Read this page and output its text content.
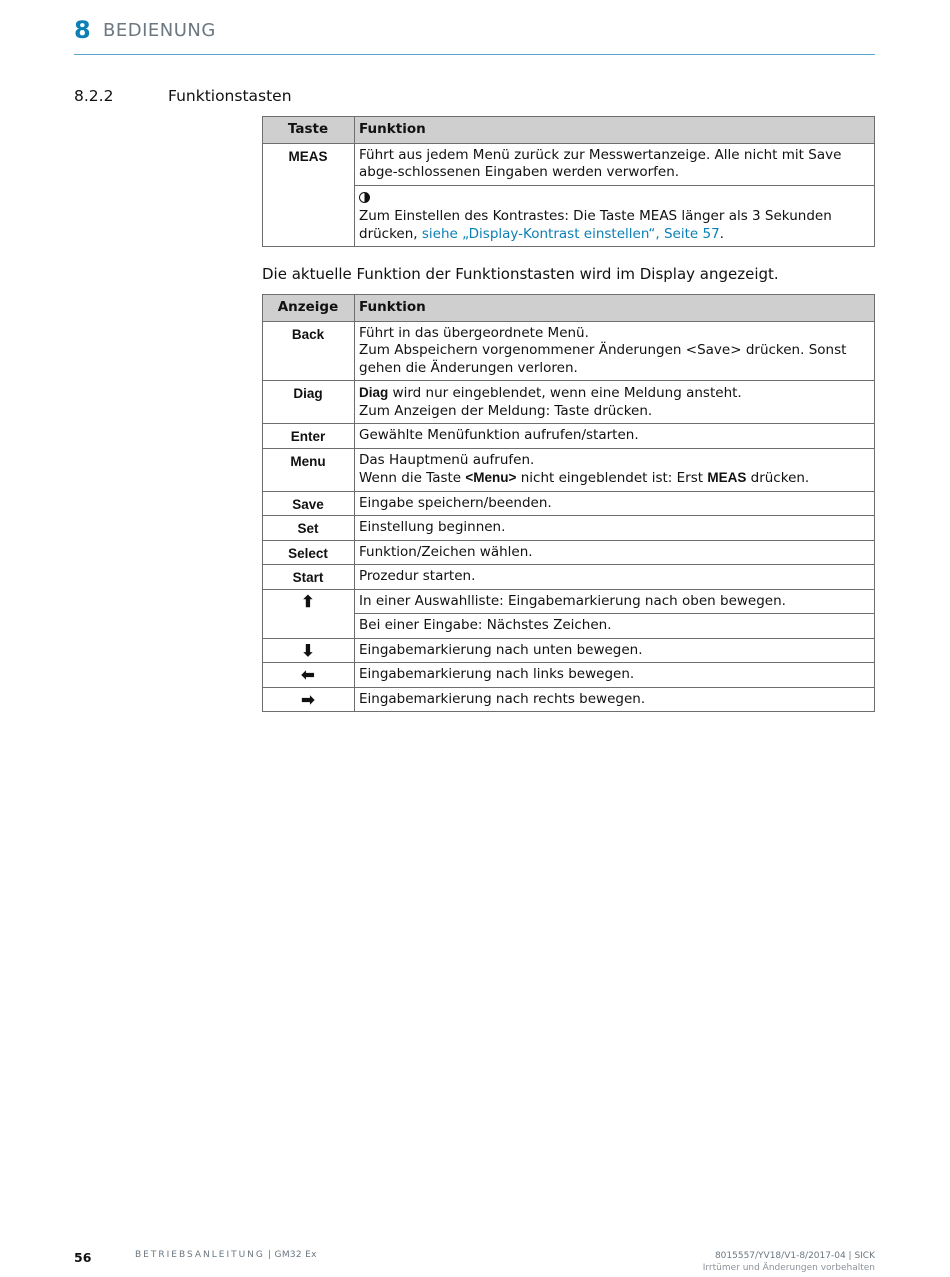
8 BEDIENUNG
8.2.2	Funktionstasten
Taste	Funktion
MEAS	Führt aus jedem Menü zurück zur Messwertanzeige. Alle nicht mit Save abge-schlossenen Eingaben werden verworfen.

Zum Einstellen des Kontrastes: Die Taste MEAS länger als 3 Sekunden drücken, siehe „Display-Kontrast einstellen“, Seite 57.
Die aktuelle Funktion der Funktionstasten wird im Display angezeigt.
Anzeige	Funktion
Back	Führt in das übergeordnete Menü.
Zum Abspeichern vorgenommener Änderungen <Save> drücken. Sonst gehen die Änderungen verloren.

Diag	Diag wird nur eingeblendet, wenn eine Meldung ansteht.
Zum Anzeigen der Meldung: Taste drücken.

Enter	Gewählte Menüfunktion aufrufen/starten.
Menu	Das Hauptmenü aufrufen.
Wenn die Taste <Menu> nicht eingeblendet ist: Erst MEAS drücken.

Save	Eingabe speichern/beenden.
Set	Einstellung beginnen.
Select	Funktion/Zeichen wählen.
Start	Prozedur starten.
⬆	In einer Auswahlliste: Eingabemarkierung nach oben bewegen.
	Bei einer Eingabe: Nächstes Zeichen.
⬇	Eingabemarkierung nach unten bewegen.
⬅	Eingabemarkierung nach links bewegen.
➡	Eingabemarkierung nach rechts bewegen.
56	BETRIEBSANLEITUNG | GM32 Ex	8015557/YV18/V1-8/2017-04 | SICK
Irrtümer und Änderungen vorbehalten
